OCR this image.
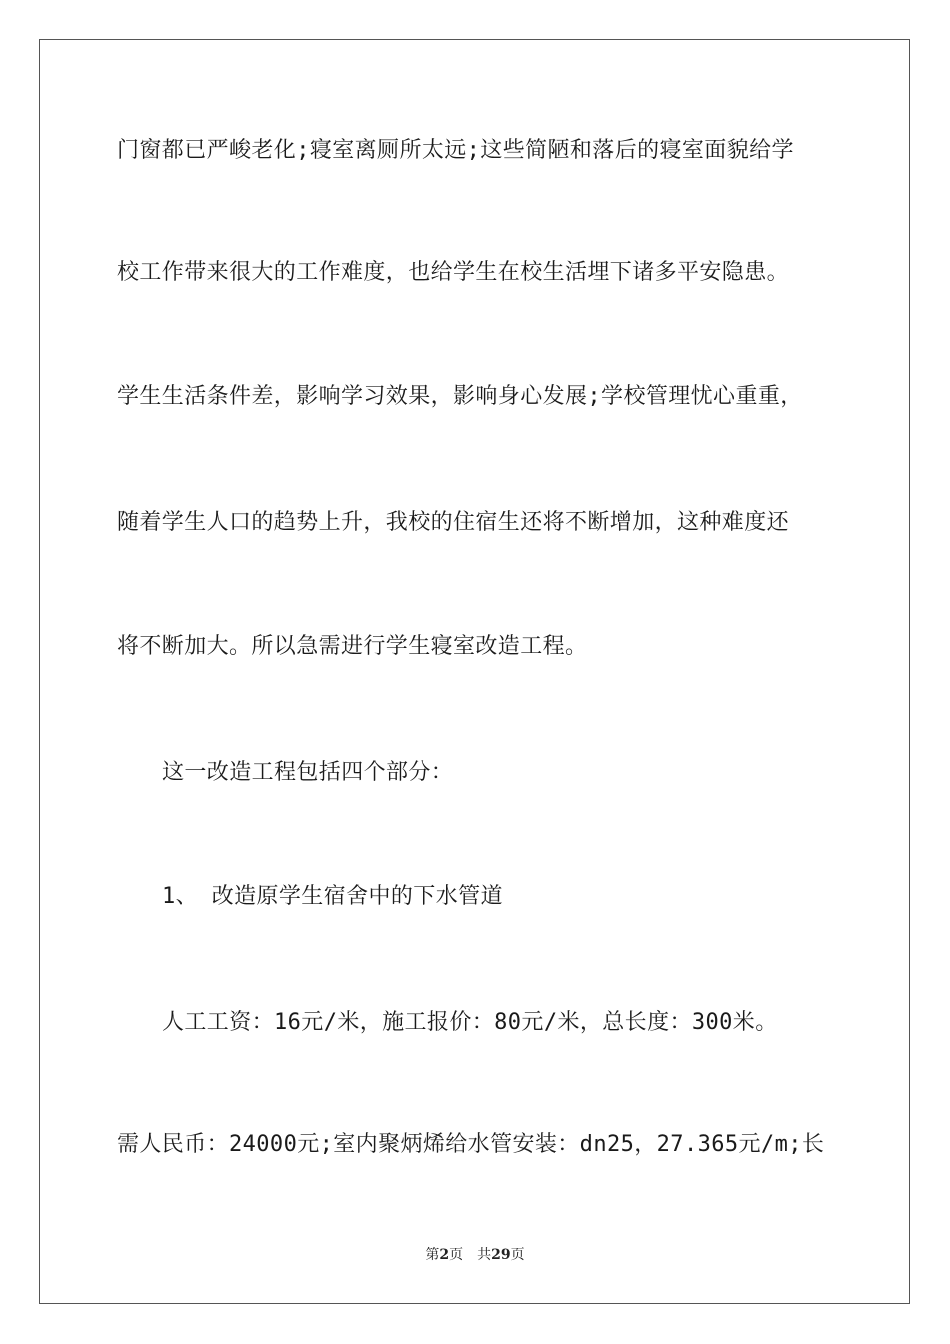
门窗都已严峻老化;寝室离厕所太远;这些简陋和落后的寝室面貌给学
校工作带来很大的工作难度，也给学生在校生活埋下诸多平安隐患。
学生生活条件差，影响学习效果，影响身心发展;学校管理忧心重重，
随着学生人口的趋势上升，我校的住宿生还将不断增加，这种难度还
将不断加大。所以急需进行学生寝室改造工程。
这一改造工程包括四个部分：
1、 改造原学生宿舍中的下水管道
人工工资：16元/米，施工报价：80元/米，总长度：300米。
需人民币：24000元;室内聚炳烯给水管安装：dn25，27.365元/m;长
第2页 共29页
